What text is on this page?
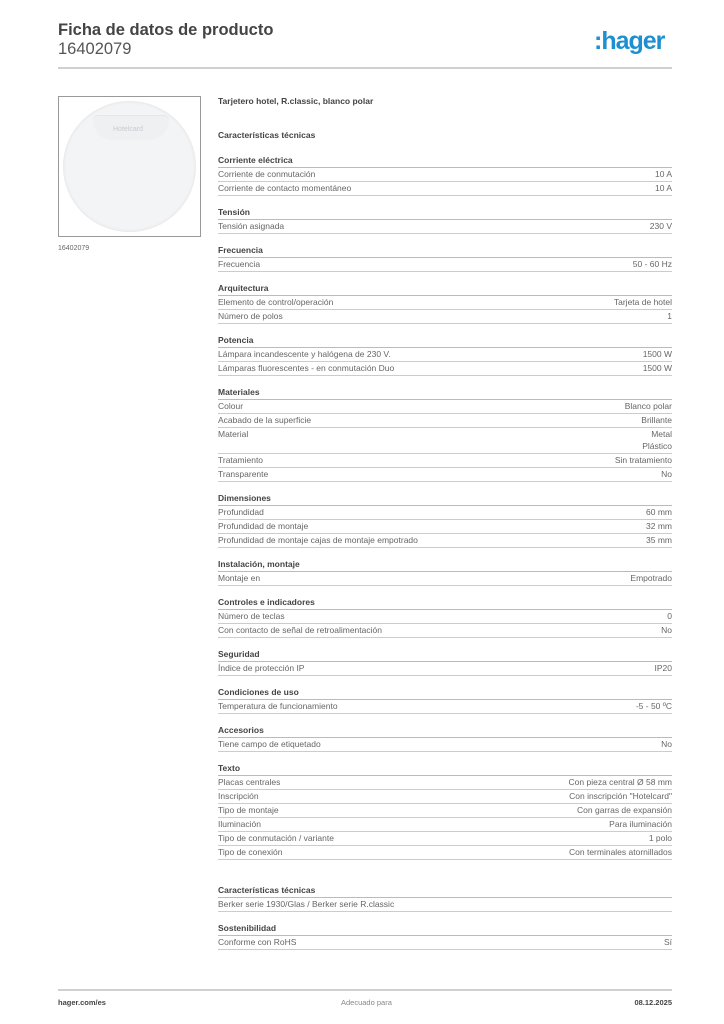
Ficha de datos de producto
16402079	:hager
Hotelcard
16402079
Tarjetero hotel, R.classic, blanco polar
Características técnicas
Corriente eléctrica
Corriente de conmutación	10 A
Corriente de contacto momentáneo	10 A
Tensión
Tensión asignada	230 V
Frecuencia
Frecuencia	50 - 60 Hz
Arquitectura
Elemento de control/operación	Tarjeta de hotel
Número de polos	1
Potencia
Lámpara incandescente y halógena de 230 V.	1500 W
Lámparas fluorescentes - en conmutación Duo	1500 W
Materiales
Colour	Blanco polar
Acabado de la superficie	Brillante
Material	Metal
Plástico
Tratamiento	Sin tratamiento
Transparente	No
Dimensiones
Profundidad	60 mm
Profundidad de montaje	32 mm
Profundidad de montaje cajas de montaje empotrado	35 mm
Instalación, montaje
Montaje en	Empotrado
Controles e indicadores
Número de teclas	0
Con contacto de señal de retroalimentación	No
Seguridad
Índice de protección IP	IP20
Condiciones de uso
Temperatura de funcionamiento	-5 - 50 ºC
Accesorios
Tiene campo de etiquetado	No
Texto
Placas centrales	Con pieza central Ø 58 mm
Inscripción	Con inscripción "Hotelcard"
Tipo de montaje	Con garras de expansión
Iluminación	Para iluminación
Tipo de conmutación / variante	1 polo
Tipo de conexión	Con terminales atornillados
Características técnicas
Berker serie 1930/Glas / Berker serie R.classic
Sostenibilidad
Conforme con RoHS	Sí
hager.com/es	Adecuado para	08.12.2025
